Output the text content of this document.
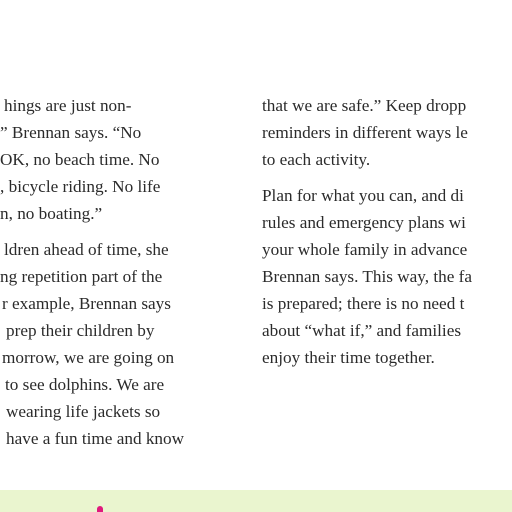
hings are just non-
” Brennan says. “No
OK, no beach time. No
, bicycle riding. No life
n, no boating.”

ldren ahead of time, she
ng repetition part of the
r example, Brennan says
prep their children by
morrow, we are going on
to see dolphins. We are
wearing life jackets so
have a fun time and know

that we are safe.” Keep dropp
reminders in different ways le
to each activity.

Plan for what you can, and di
rules and emergency plans wi
your whole family in advance
Brennan says. This way, the fa
is prepared; there is no need t
about “what if,” and families
enjoy their time together.
